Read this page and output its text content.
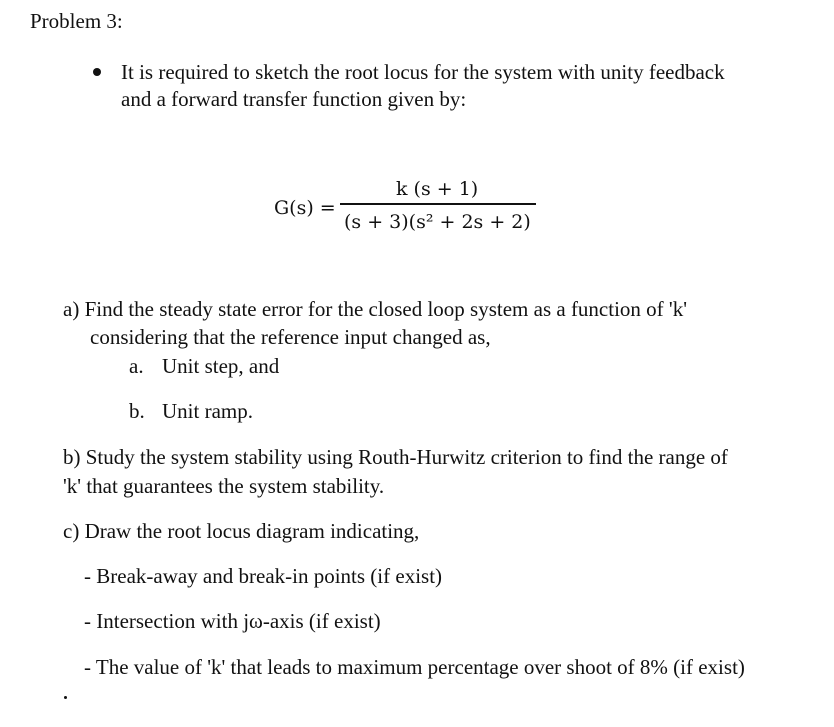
Problem 3:
It is required to sketch the root locus for the system with unity feedback
and a forward transfer function given by:
G(s) =
k (s + 1)
(s + 3)(s² + 2s + 2)
a) Find the steady state error for the closed loop system as a function of 'k'
considering that the reference input changed as,
a. Unit step, and
b. Unit ramp.
b) Study the system stability using Routh-Hurwitz criterion to find the range of
'k' that guarantees the system stability.
c) Draw the root locus diagram indicating,
- Break-away and break-in points (if exist)
- Intersection with jω-axis (if exist)
- The value of 'k' that leads to maximum percentage over shoot of 8% (if exist)
